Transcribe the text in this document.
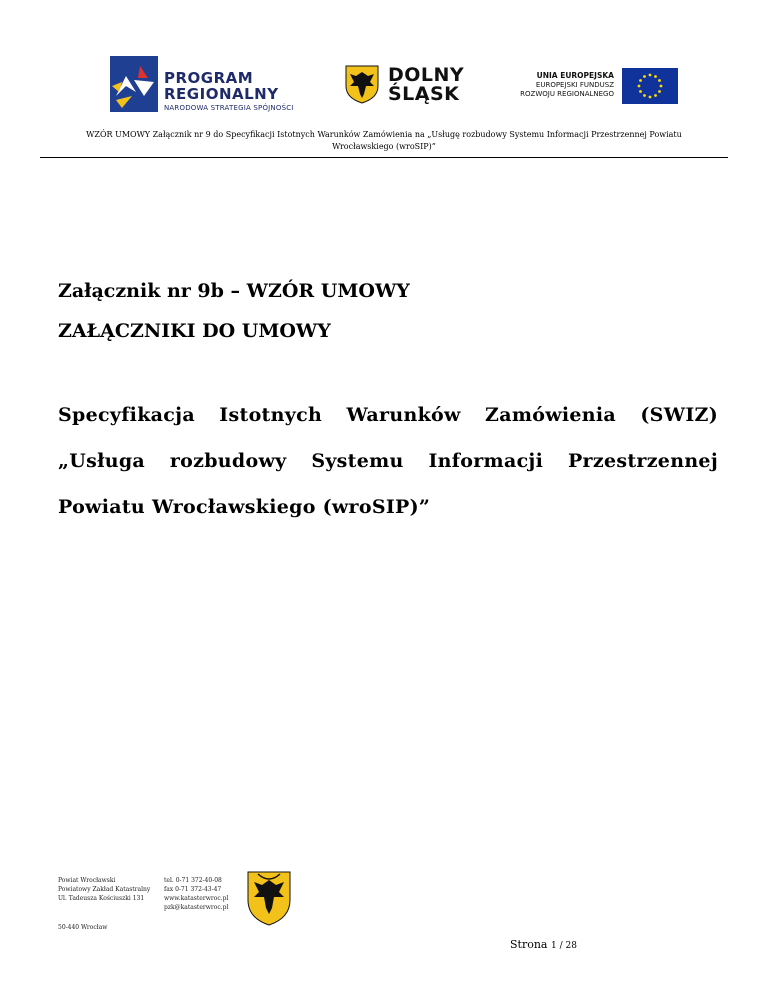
PROGRAM
REGIONALNY
NARODOWA STRATEGIA SPÓJNOŚCI
DOLNY
ŚLĄSK
UNIA EUROPEJSKA
EUROPEJSKI FUNDUSZ
ROZWOJU REGIONALNEGO
WZÓR UMOWY Załącznik nr 9 do Specyfikacji Istotnych Warunków Zamówienia na „Usługę rozbudowy Systemu Informacji Przestrzennej Powiatu
Wrocławskiego (wroSIP)”
Załącznik nr 9b – WZÓR UMOWY
ZAŁĄCZNIKI DO UMOWY
Specyfikacja Istotnych Warunków Zamówienia (SWIZ)
„Usługa rozbudowy Systemu Informacji Przestrzennej
Powiatu Wrocławskiego (wroSIP)”
Powiat Wrocławski
Powiatowy Zakład Katastralny
Ul. Tadeusza Kościuszki 131
50-440 Wrocław
tel. 0-71 372-40-08
fax 0-71 372-43-47
www.katasterwroc.pl
pzk@katasterwroc.pl
Strona 1 / 28
